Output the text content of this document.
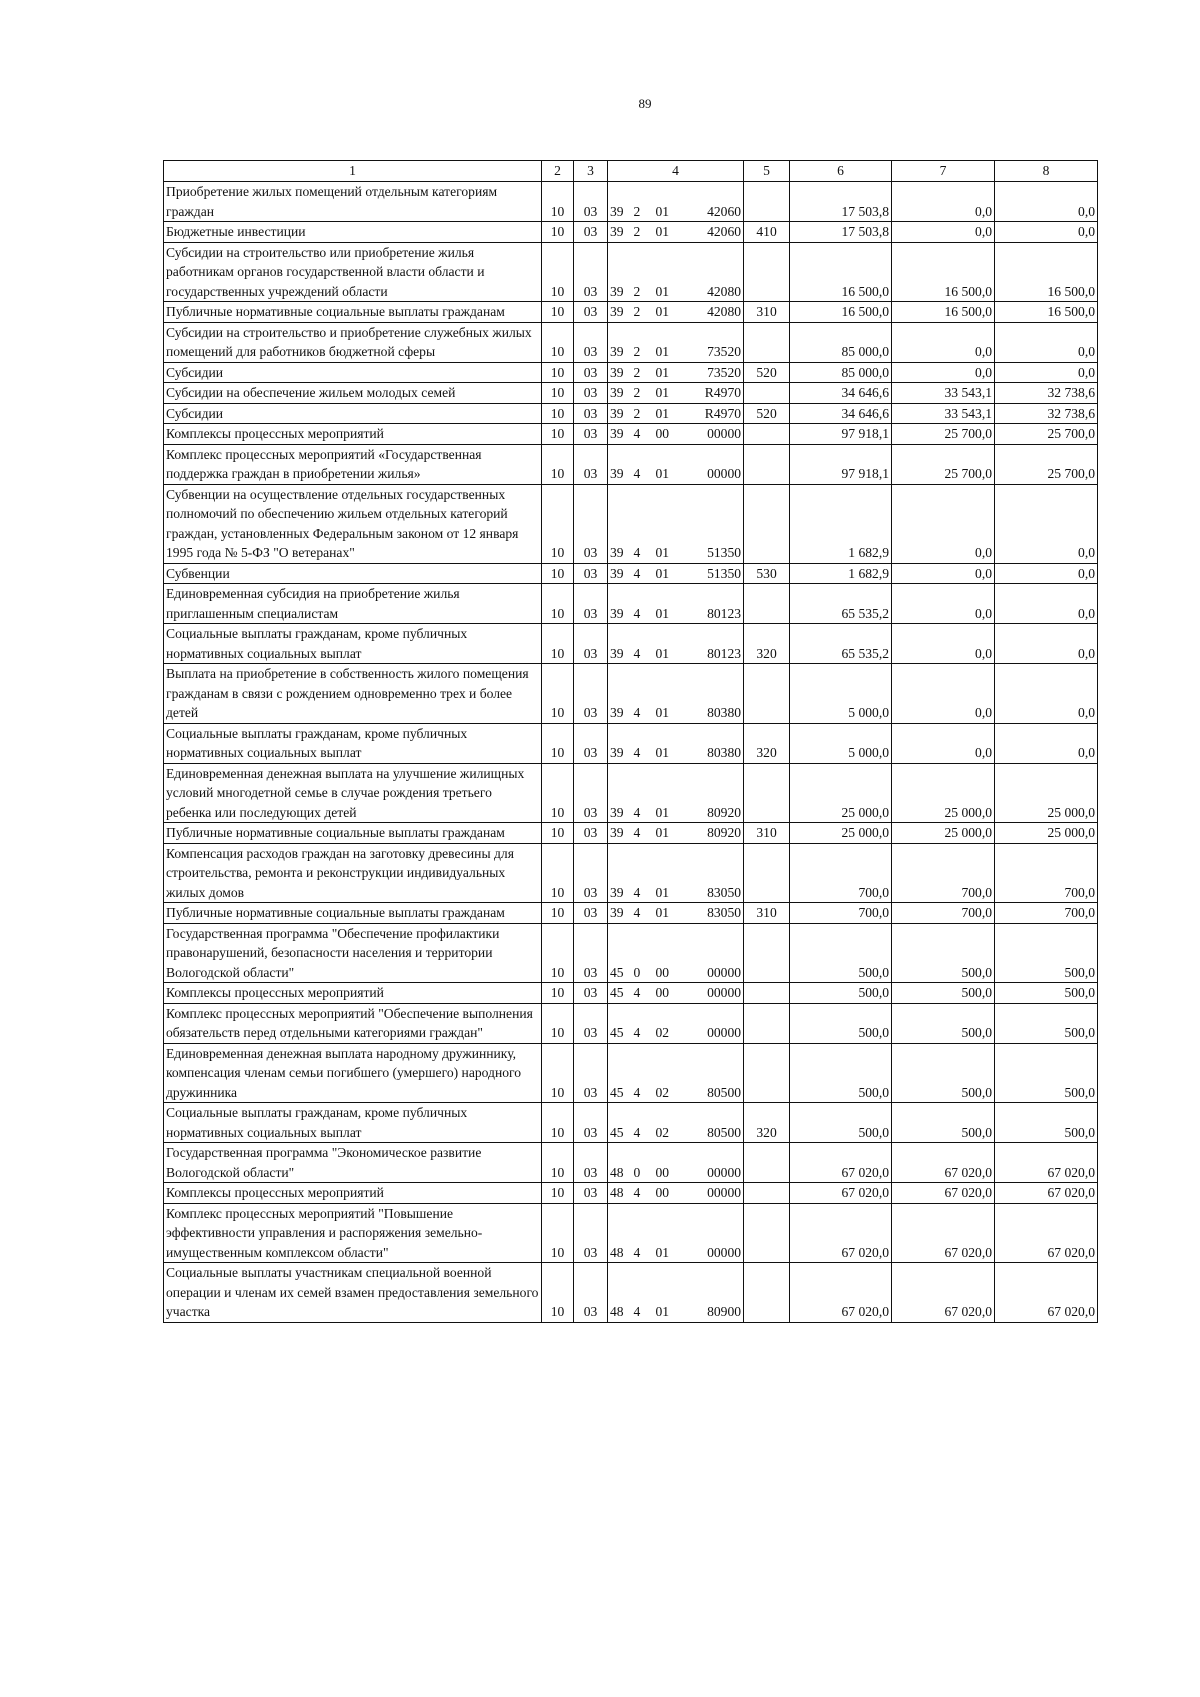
89
1	2	3	4				5	6	7	8
Приобретение жилых помещений отдельным категориям граждан	10	03	39	2	01	42060		17 503,8	0,0	0,0
Бюджетные инвестиции	10	03	39	2	01	42060	410	17 503,8	0,0	0,0
Субсидии на строительство или приобретение жилья работникам органов государственной власти области и государственных учреждений области	10	03	39	2	01	42080		16 500,0	16 500,0	16 500,0
Публичные нормативные социальные выплаты гражданам	10	03	39	2	01	42080	310	16 500,0	16 500,0	16 500,0
Субсидии на строительство и приобретение служебных жилых помещений для работников бюджетной сферы	10	03	39	2	01	73520		85 000,0	0,0	0,0
Субсидии	10	03	39	2	01	73520	520	85 000,0	0,0	0,0
Субсидии на обеспечение жильем молодых семей	10	03	39	2	01	R4970		34 646,6	33 543,1	32 738,6
Субсидии	10	03	39	2	01	R4970	520	34 646,6	33 543,1	32 738,6
Комплексы процессных мероприятий	10	03	39	4	00	00000		97 918,1	25 700,0	25 700,0
Комплекс процессных мероприятий «Государственная поддержка граждан в приобретении жилья»	10	03	39	4	01	00000		97 918,1	25 700,0	25 700,0
Субвенции на осуществление отдельных государственных полномочий по обеспечению жильем отдельных категорий граждан, установленных Федеральным законом от 12 января 1995 года № 5-ФЗ "О ветеранах"	10	03	39	4	01	51350		1 682,9	0,0	0,0
Субвенции	10	03	39	4	01	51350	530	1 682,9	0,0	0,0
Единовременная субсидия на приобретение жилья приглашенным специалистам	10	03	39	4	01	80123		65 535,2	0,0	0,0
Социальные выплаты гражданам, кроме публичных нормативных социальных выплат	10	03	39	4	01	80123	320	65 535,2	0,0	0,0
Выплата на приобретение в собственность жилого помещения гражданам в связи с рождением одновременно трех и более детей	10	03	39	4	01	80380		5 000,0	0,0	0,0
Социальные выплаты гражданам, кроме публичных нормативных социальных выплат	10	03	39	4	01	80380	320	5 000,0	0,0	0,0
Единовременная денежная выплата на улучшение жилищных условий многодетной семье в случае рождения третьего ребенка или последующих детей	10	03	39	4	01	80920		25 000,0	25 000,0	25 000,0
Публичные нормативные социальные выплаты гражданам	10	03	39	4	01	80920	310	25 000,0	25 000,0	25 000,0
Компенсация расходов граждан на заготовку древесины для строительства, ремонта и реконструкции индивидуальных жилых домов	10	03	39	4	01	83050		700,0	700,0	700,0
Публичные нормативные социальные выплаты гражданам	10	03	39	4	01	83050	310	700,0	700,0	700,0
Государственная программа "Обеспечение профилактики правонарушений, безопасности населения и территории Вологодской области"	10	03	45	0	00	00000		500,0	500,0	500,0
Комплексы процессных мероприятий	10	03	45	4	00	00000		500,0	500,0	500,0
Комплекс процессных мероприятий "Обеспечение выполнения обязательств перед отдельными категориями граждан"	10	03	45	4	02	00000		500,0	500,0	500,0
Единовременная денежная выплата народному дружиннику, компенсация членам семьи погибшего (умершего) народного дружинника	10	03	45	4	02	80500		500,0	500,0	500,0
Социальные выплаты гражданам, кроме публичных нормативных социальных выплат	10	03	45	4	02	80500	320	500,0	500,0	500,0
Государственная программа "Экономическое развитие Вологодской области"	10	03	48	0	00	00000		67 020,0	67 020,0	67 020,0
Комплексы процессных мероприятий	10	03	48	4	00	00000		67 020,0	67 020,0	67 020,0
Комплекс процессных мероприятий "Повышение эффективности управления и распоряжения земельно-имущественным комплексом области"	10	03	48	4	01	00000		67 020,0	67 020,0	67 020,0
Социальные выплаты участникам специальной военной операции и членам их семей взамен предоставления земельного участка	10	03	48	4	01	80900		67 020,0	67 020,0	67 020,0
